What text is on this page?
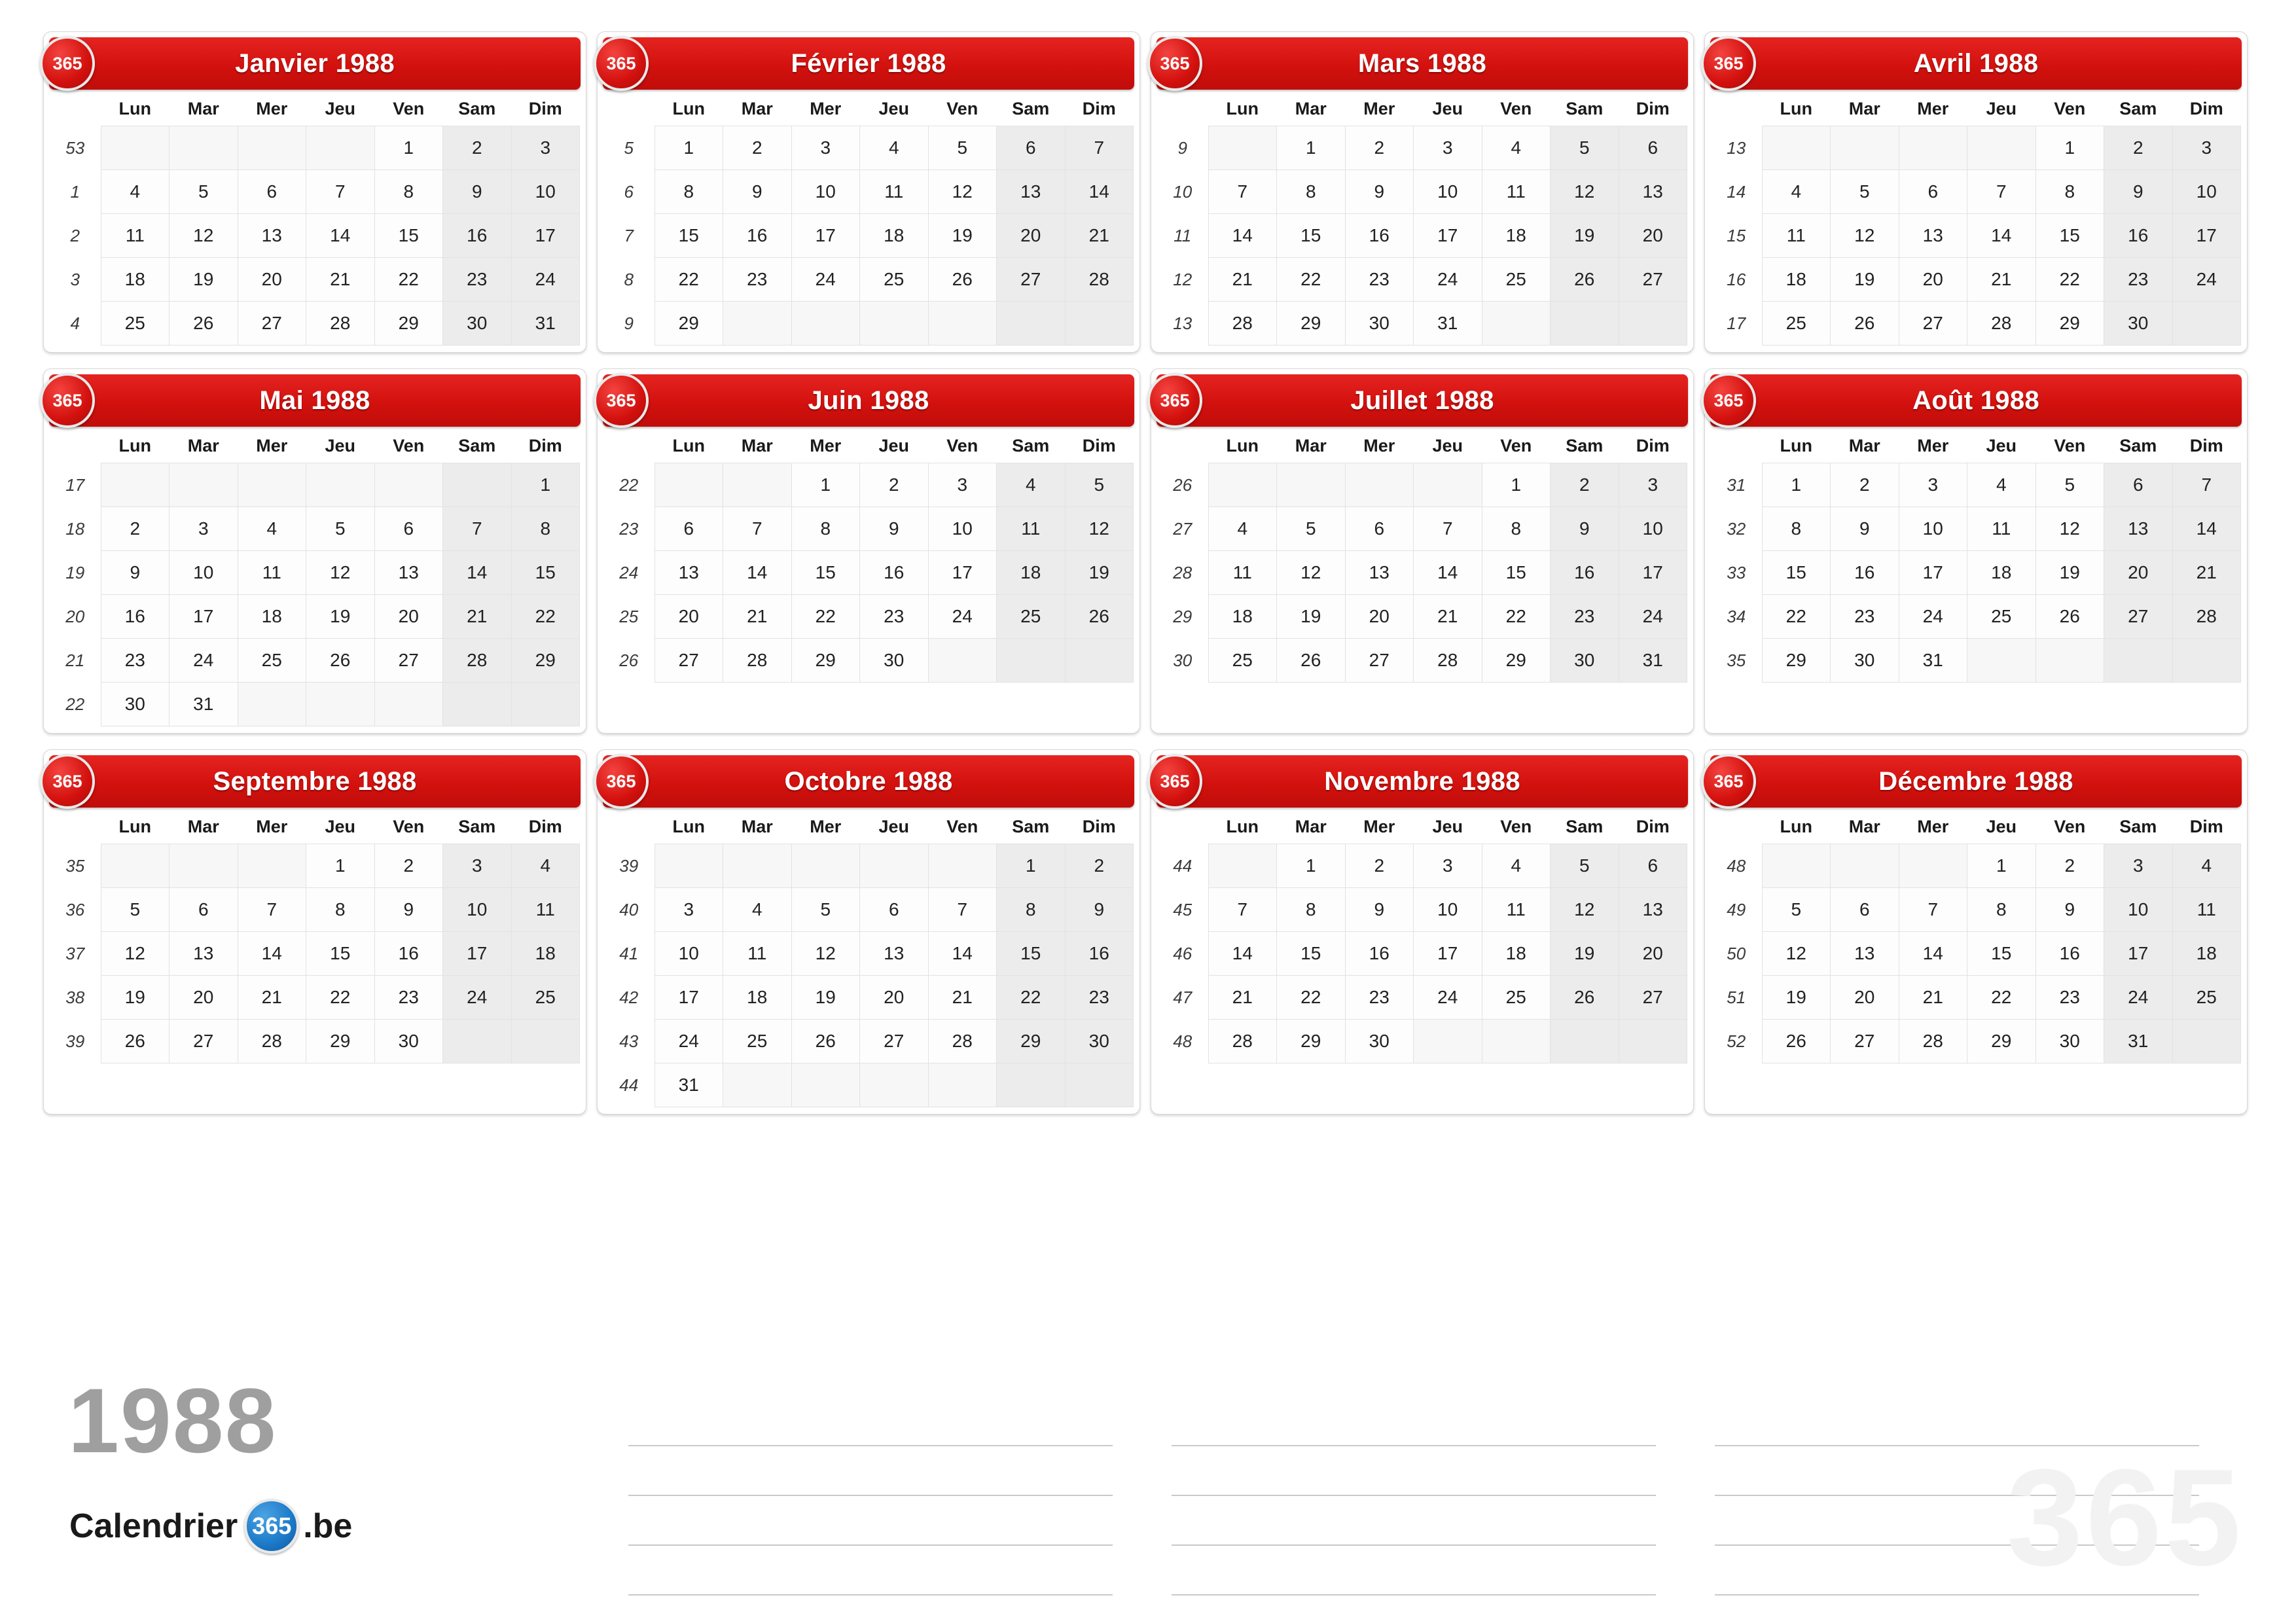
365	Janvier 1988
	Lun	Mar	Mer	Jeu	Ven	Sam	Dim
53					1	2	3
1	4	5	6	7	8	9	10
2	11	12	13	14	15	16	17
3	18	19	20	21	22	23	24
4	25	26	27	28	29	30	31
365	Février 1988
	Lun	Mar	Mer	Jeu	Ven	Sam	Dim
5	1	2	3	4	5	6	7
6	8	9	10	11	12	13	14
7	15	16	17	18	19	20	21
8	22	23	24	25	26	27	28
9	29						
365	Mars 1988
	Lun	Mar	Mer	Jeu	Ven	Sam	Dim
9		1	2	3	4	5	6
10	7	8	9	10	11	12	13
11	14	15	16	17	18	19	20
12	21	22	23	24	25	26	27
13	28	29	30	31			
365	Avril 1988
	Lun	Mar	Mer	Jeu	Ven	Sam	Dim
13					1	2	3
14	4	5	6	7	8	9	10
15	11	12	13	14	15	16	17
16	18	19	20	21	22	23	24
17	25	26	27	28	29	30	
365	Mai 1988
	Lun	Mar	Mer	Jeu	Ven	Sam	Dim
17							1
18	2	3	4	5	6	7	8
19	9	10	11	12	13	14	15
20	16	17	18	19	20	21	22
21	23	24	25	26	27	28	29
22	30	31					
365	Juin 1988
	Lun	Mar	Mer	Jeu	Ven	Sam	Dim
22			1	2	3	4	5
23	6	7	8	9	10	11	12
24	13	14	15	16	17	18	19
25	20	21	22	23	24	25	26
26	27	28	29	30			
365	Juillet 1988
	Lun	Mar	Mer	Jeu	Ven	Sam	Dim
26					1	2	3
27	4	5	6	7	8	9	10
28	11	12	13	14	15	16	17
29	18	19	20	21	22	23	24
30	25	26	27	28	29	30	31
365	Août 1988
	Lun	Mar	Mer	Jeu	Ven	Sam	Dim
31	1	2	3	4	5	6	7
32	8	9	10	11	12	13	14
33	15	16	17	18	19	20	21
34	22	23	24	25	26	27	28
35	29	30	31				
365	Septembre 1988
	Lun	Mar	Mer	Jeu	Ven	Sam	Dim
35				1	2	3	4
36	5	6	7	8	9	10	11
37	12	13	14	15	16	17	18
38	19	20	21	22	23	24	25
39	26	27	28	29	30		
365	Octobre 1988
	Lun	Mar	Mer	Jeu	Ven	Sam	Dim
39						1	2
40	3	4	5	6	7	8	9
41	10	11	12	13	14	15	16
42	17	18	19	20	21	22	23
43	24	25	26	27	28	29	30
44	31						
365	Novembre 1988
	Lun	Mar	Mer	Jeu	Ven	Sam	Dim
44		1	2	3	4	5	6
45	7	8	9	10	11	12	13
46	14	15	16	17	18	19	20
47	21	22	23	24	25	26	27
48	28	29	30				
365	Décembre 1988
	Lun	Mar	Mer	Jeu	Ven	Sam	Dim
48				1	2	3	4
49	5	6	7	8	9	10	11
50	12	13	14	15	16	17	18
51	19	20	21	22	23	24	25
52	26	27	28	29	30	31	
1988
Calendrier 365 .be	365
